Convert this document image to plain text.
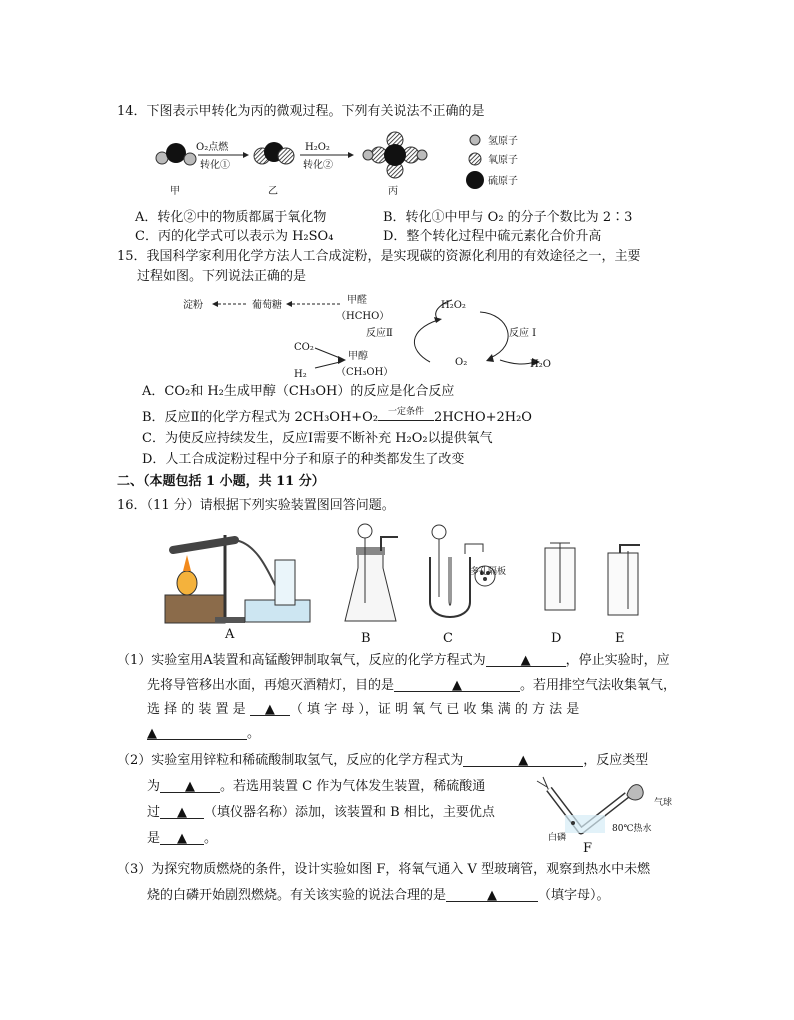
14．下图表示甲转化为丙的微观过程。下列有关说法不正确的是
O₂点燃
转化①
H₂O₂
转化②
甲	乙	丙
氢原子
氧原子
硫原子
A．转化②中的物质都属于氧化物	B．转化①中甲与 O₂ 的分子个数比为 2∶3
C．丙的化学式可以表示为 H₂SO₄	D．整个转化过程中硫元素化合价升高
15．我国科学家利用化学方法人工合成淀粉，是实现碳的资源化利用的有效途径之一，主要
过程如图。下列说法正确的是
淀粉	葡萄糖	甲醛
（HCHO）
H₂O₂
反应Ⅱ	反应 Ⅰ
CO₂
H₂
甲醇
（CH₃OH）
O₂	H₂O
A．CO₂和 H₂生成甲醇（CH₃OH）的反应是化合反应
B．反应Ⅱ的化学方程式为 2CH₃OH+O₂	一定条件 2HCHO+2H₂O
C．为使反应持续发生，反应Ⅰ需要不断补充 H₂O₂以提供氧气
D．人工合成淀粉过程中分子和原子的种类都发生了改变
二、（本题包括 1 小题，共 11 分）
16．（11 分）请根据下列实验装置图回答问题。
多孔隔板
A	B	C	D	E
（1）实验室用A装置和高锰酸钾制取氧气，反应的化学方程式为	▲	，停止实验时，应
先将导管移出水面，再熄灭酒精灯，目的是	▲	。若用排空气法收集氧气，
选 择 的 装 置 是 ▲ （ 填 字 母 ），证 明 氧 气 已 收 集 满 的 方 法 是
▲	。
（2）实验室用锌粒和稀硫酸制取氢气，反应的化学方程式为	▲	，反应类型
为 ▲ 。若选用装置 C 作为气体发生装置，稀硫酸通
过 ▲ （填仪器名称）添加，该装置和 B 相比，主要优点
是 ▲ 。
气球
80℃热水
白磷
F
（3）为探究物质燃烧的条件，设计实验如图 F，将氧气通入 V 型玻璃管，观察到热水中未燃
烧的白磷开始剧烈燃烧。有关该实验的说法合理的是	▲	（填字母）。
